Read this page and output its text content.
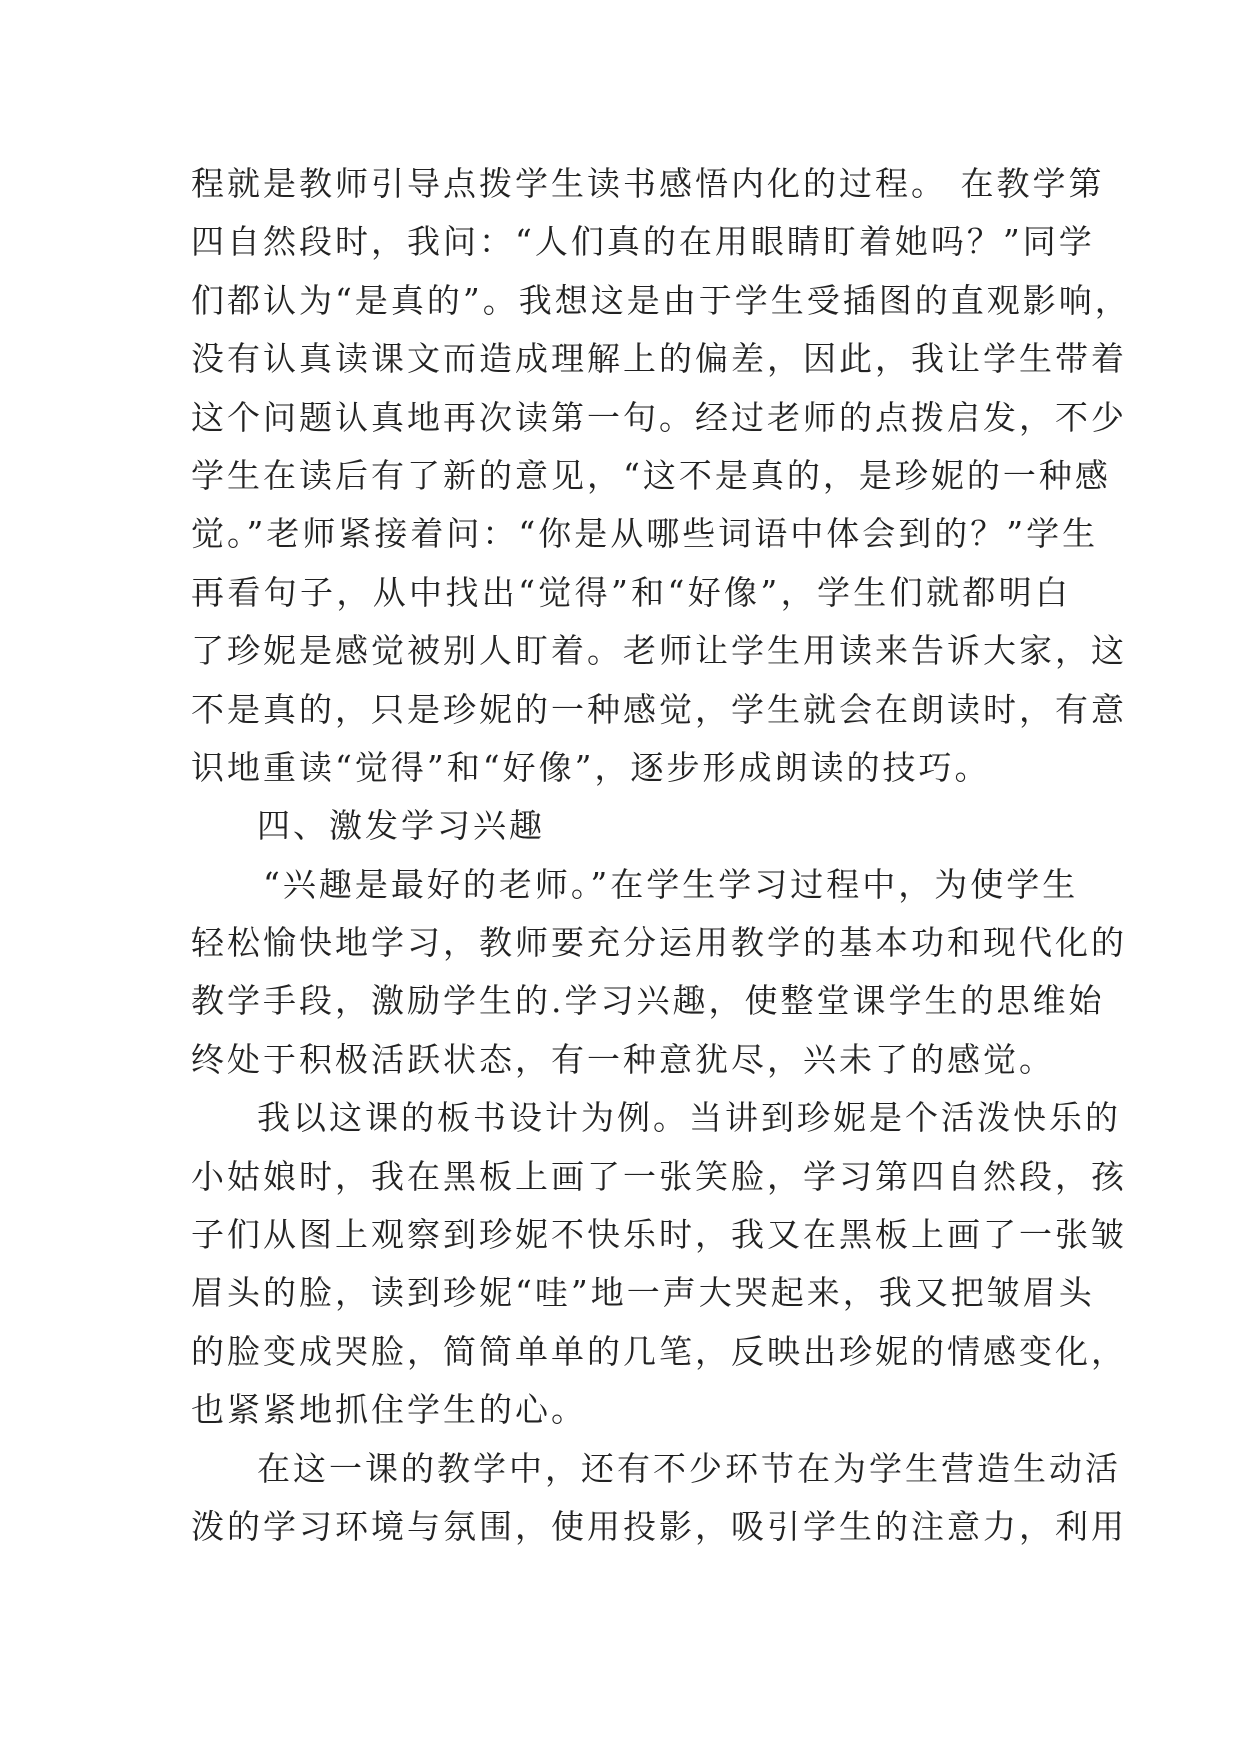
程就是教师引导点拨学生读书感悟内化的过程。 在教学第
四自然段时，我问：“人们真的在用眼睛盯着她吗？”同学
们都认为“是真的”。我想这是由于学生受插图的直观影响，
没有认真读课文而造成理解上的偏差，因此，我让学生带着
这个问题认真地再次读第一句。经过老师的点拨启发，不少
学生在读后有了新的意见，“这不是真的，是珍妮的一种感
觉。”老师紧接着问：“你是从哪些词语中体会到的？”学生
再看句子，从中找出“觉得”和“好像”，学生们就都明白
了珍妮是感觉被别人盯着。老师让学生用读来告诉大家，这
不是真的，只是珍妮的一种感觉，学生就会在朗读时，有意
识地重读“觉得”和“好像”，逐步形成朗读的技巧。
四、激发学习兴趣
“兴趣是最好的老师。”在学生学习过程中，为使学生
轻松愉快地学习，教师要充分运用教学的基本功和现代化的
教学手段，激励学生的.学习兴趣，使整堂课学生的思维始
终处于积极活跃状态，有一种意犹尽，兴未了的感觉。
我以这课的板书设计为例。当讲到珍妮是个活泼快乐的
小姑娘时，我在黑板上画了一张笑脸，学习第四自然段，孩
子们从图上观察到珍妮不快乐时，我又在黑板上画了一张皱
眉头的脸，读到珍妮“哇”地一声大哭起来，我又把皱眉头
的脸变成哭脸，简简单单的几笔，反映出珍妮的情感变化，
也紧紧地抓住学生的心。
在这一课的教学中，还有不少环节在为学生营造生动活
泼的学习环境与氛围，使用投影，吸引学生的注意力，利用
